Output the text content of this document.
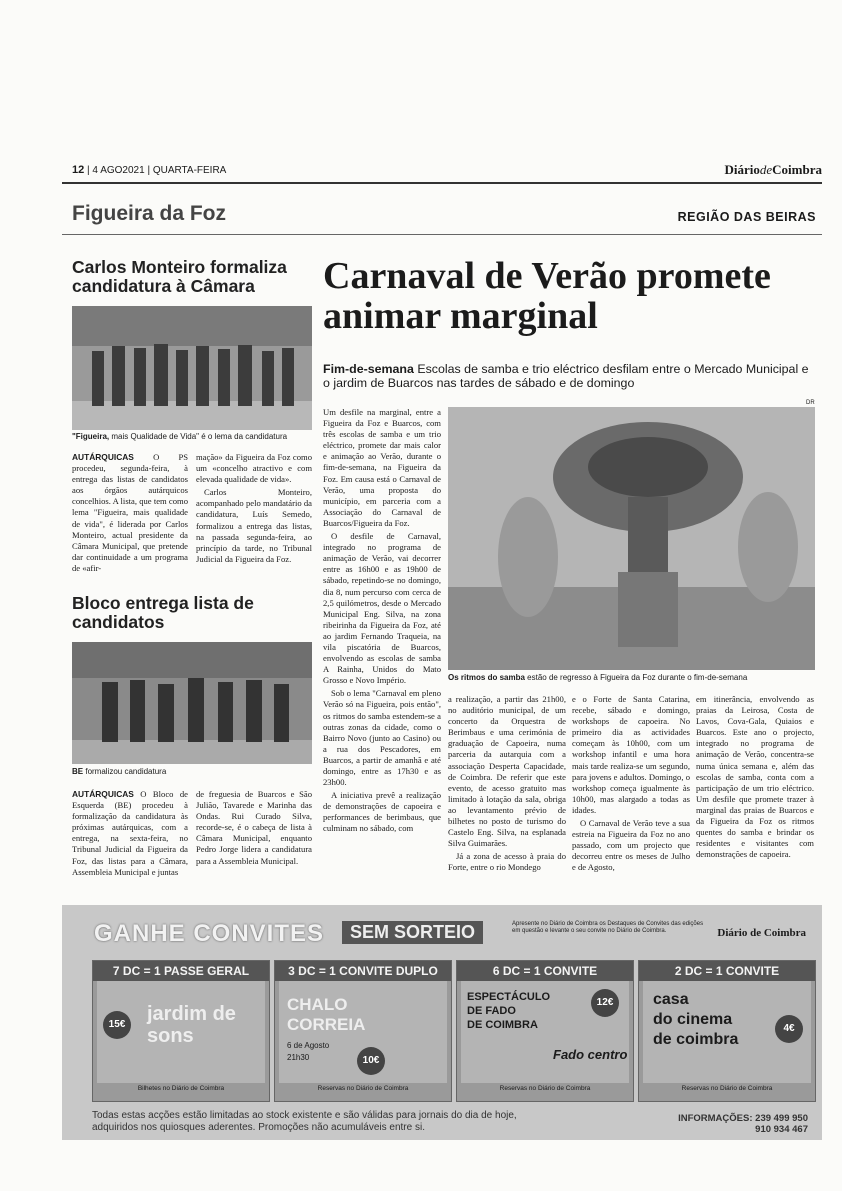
12 | 4 AGO2021 | QUARTA-FEIRA	DiáriodeCoimbra
Figueira da Foz	REGIÃO DAS BEIRAS
Carlos Monteiro formaliza candidatura à Câmara
"Figueira, mais Qualidade de Vida" é o lema da candidatura

AUTÁRQUICAS O PS procedeu, segunda-feira, à entrega das listas de candidatos aos órgãos autárquicos concelhios. A lista, que tem como lema "Figueira, mais qualidade de vida", é liderada por Carlos Monteiro, actual presidente da Câmara Municipal, que pretende dar continuidade a um programa de «afir-

mação» da Figueira da Foz como um «concelho atractivo e com elevada qualidade de vida».

Carlos Monteiro, acompanhado pelo mandatário da candidatura, Luís Semedo, formalizou a entrega das listas, na passada segunda-feira, ao princípio da tarde, no Tribunal Judicial da Figueira da Foz.

Bloco entrega lista de candidatos
BE formalizou candidatura

AUTÁRQUICAS O Bloco de Esquerda (BE) procedeu à formalização da candidatura às próximas autárquicas, com a entrega, na sexta-feira, no Tribunal Judicial da Figueira da Foz, das listas para a Câmara, Assembleia Municipal e juntas

de freguesia de Buarcos e São Julião, Tavarede e Marinha das Ondas. Rui Curado Silva, recorde-se, é o cabeça de lista à Câmara Municipal, enquanto Pedro Jorge lidera a candidatura para a Assembleia Municipal.

Carnaval de Verão promete animar marginal
Fim-de-semana Escolas de samba e trio eléctrico desfilam entre o Mercado Municipal e o jardim de Buarcos nas tardes de sábado e de domingo
DR
Os ritmos do samba estão de regresso à Figueira da Foz durante o fim-de-semana

Um desfile na marginal, entre a Figueira da Foz e Buarcos, com três escolas de samba e um trio eléctrico, promete dar mais calor e animação ao Verão, durante o fim-de-semana, na Figueira da Foz. Em causa está o Carnaval de Verão, uma proposta do município, em parceria com a Associação do Carnaval de Buarcos/Figueira da Foz.

O desfile de Carnaval, integrado no programa de animação de Verão, vai decorrer entre as 16h00 e as 19h00 de sábado, repetindo-se no domingo, dia 8, num percurso com cerca de 2,5 quilómetros, desde o Mercado Municipal Eng. Silva, na zona ribeirinha da Figueira da Foz, até ao jardim Fernando Traqueia, na vila piscatória de Buarcos, envolvendo as escolas de samba A Rainha, Unidos do Mato Grosso e Novo Império.

Sob o lema "Carnaval em pleno Verão só na Figueira, pois então", os ritmos do samba estendem-se a outras zonas da cidade, como o Bairro Novo (junto ao Casino) ou a rua dos Pescadores, em Buarcos, a partir de amanhã e até domingo, entre as 17h30 e as 23h00.

A iniciativa prevê a realização de demonstrações de capoeira e performances de berimbaus, que culminam no sábado, com

a realização, a partir das 21h00, no auditório municipal, de um concerto da Orquestra de Berimbaus e uma cerimónia de graduação de Capoeira, numa parceria da autarquia com a associação Desperta Capacidade, de Coimbra. De referir que este evento, de acesso gratuito mas limitado à lotação da sala, obriga ao levantamento prévio de bilhetes no posto de turismo do Castelo Eng. Silva, na esplanada Silva Guimarães.

Já a zona de acesso à praia do Forte, entre o rio Mondego

e o Forte de Santa Catarina, recebe, sábado e domingo, workshops de capoeira. No primeiro dia as actividades começam às 10h00, com um workshop infantil e uma hora mais tarde realiza-se um segundo, para jovens e adultos. Domingo, o workshop começa igualmente às 10h00, mas alargado a todas as idades.

O Carnaval de Verão teve a sua estreia na Figueira da Foz no ano passado, com um projecto que decorreu entre os meses de Julho e de Agosto,

em itinerância, envolvendo as praias da Leirosa, Costa de Lavos, Cova-Gala, Quiaios e Buarcos. Este ano o projecto, integrado no programa de animação de Verão, concentra-se numa única semana e, além das escolas de samba, conta com a participação de um trio eléctrico. Um desfile que promete trazer à marginal das praias de Buarcos e da Figueira da Foz os ritmos quentes do samba e brindar os residentes e visitantes com demonstrações de capoeira.

GANHE CONVITES	SEM SORTEIO	Apresente no Diário de Coimbra os Destaques de Convites das edições em questão e levante o seu convite no Diário de Coimbra.	Diário de Coimbra
7 DC = 1 PASSE GERAL
15€ jardim de sons
Bilhetes no Diário de Coimbra
3 DC = 1 CONVITE DUPLO
CHALO
CORREIA
6 de Agosto
21h30	10€
Reservas no Diário de Coimbra
6 DC = 1 CONVITE
ESPECTÁCULO
DE FADO
DE COIMBRA
12€
Fado centro
Reservas no Diário de Coimbra
2 DC = 1 CONVITE
casa
do cinema
de coimbra
4€
Reservas no Diário de Coimbra
Todas estas acções estão limitadas ao stock existente e são válidas para jornais do dia de hoje, adquiridos nos quiosques aderentes. Promoções não acumuláveis entre si.
INFORMAÇÕES: 239 499 950
910 934 467
